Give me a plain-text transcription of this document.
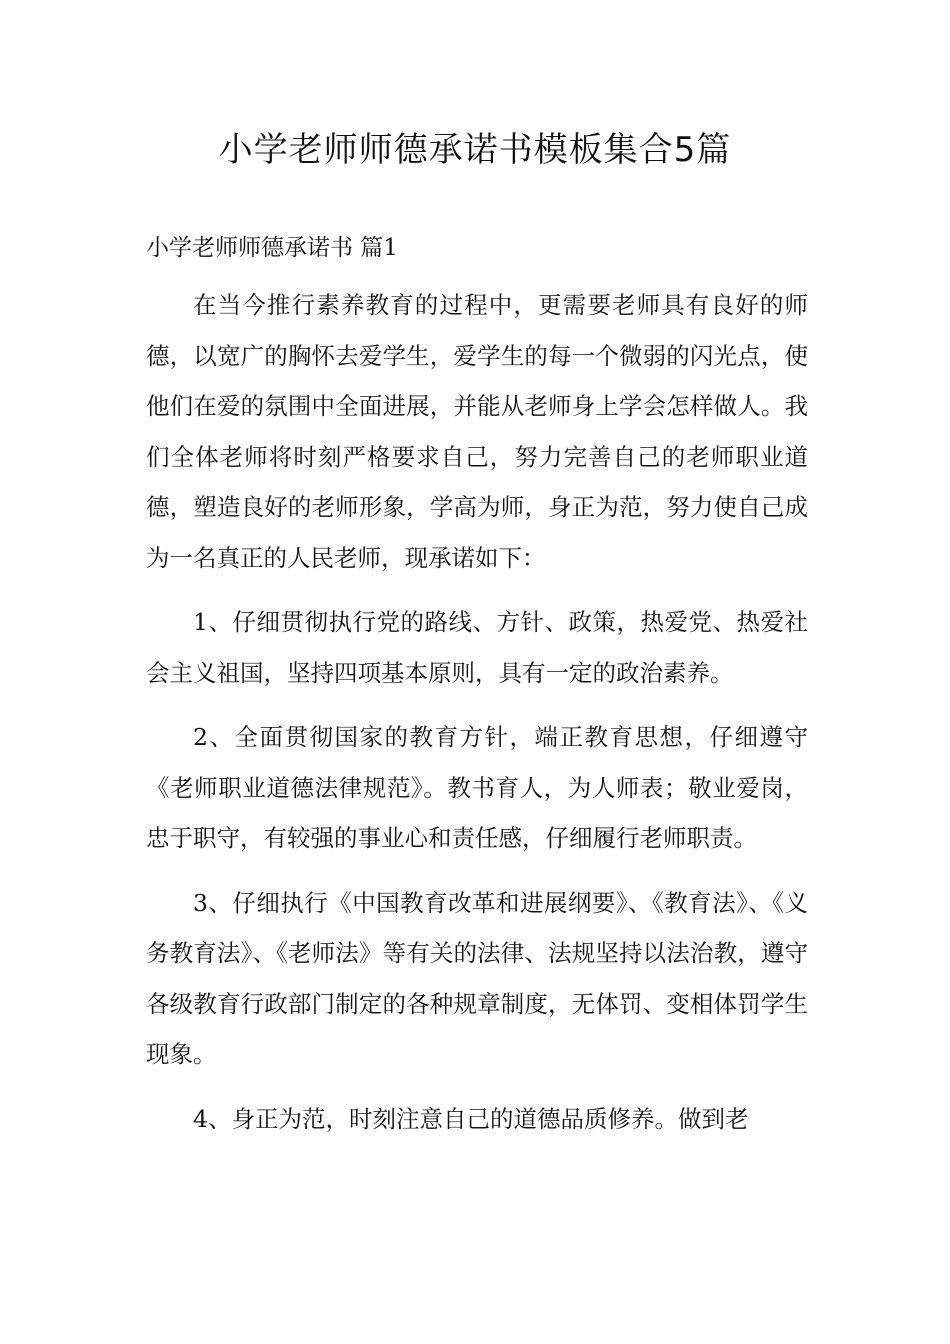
小学老师师德承诺书模板集合5篇
小学老师师德承诺书 篇1

在当今推行素养教育的过程中，更需要老师具有良好的师德，以宽广的胸怀去爱学生，爱学生的每一个微弱的闪光点，使他们在爱的氛围中全面进展，并能从老师身上学会怎样做人。我们全体老师将时刻严格要求自己，努力完善自己的老师职业道德，塑造良好的老师形象，学高为师，身正为范，努力使自己成为一名真正的人民老师，现承诺如下：

1、仔细贯彻执行党的路线、方针、政策，热爱党、热爱社会主义祖国，坚持四项基本原则，具有一定的政治素养。

2、全面贯彻国家的教育方针，端正教育思想，仔细遵守《老师职业道德法律规范》。教书育人，为人师表；敬业爱岗，忠于职守，有较强的事业心和责任感，仔细履行老师职责。

3、仔细执行《中国教育改革和进展纲要》、《教育法》、《义务教育法》、《老师法》等有关的法律、法规坚持以法治教，遵守各级教育行政部门制定的各种规章制度，无体罚、变相体罚学生现象。

4、身正为范，时刻注意自己的道德品质修养。做到老
